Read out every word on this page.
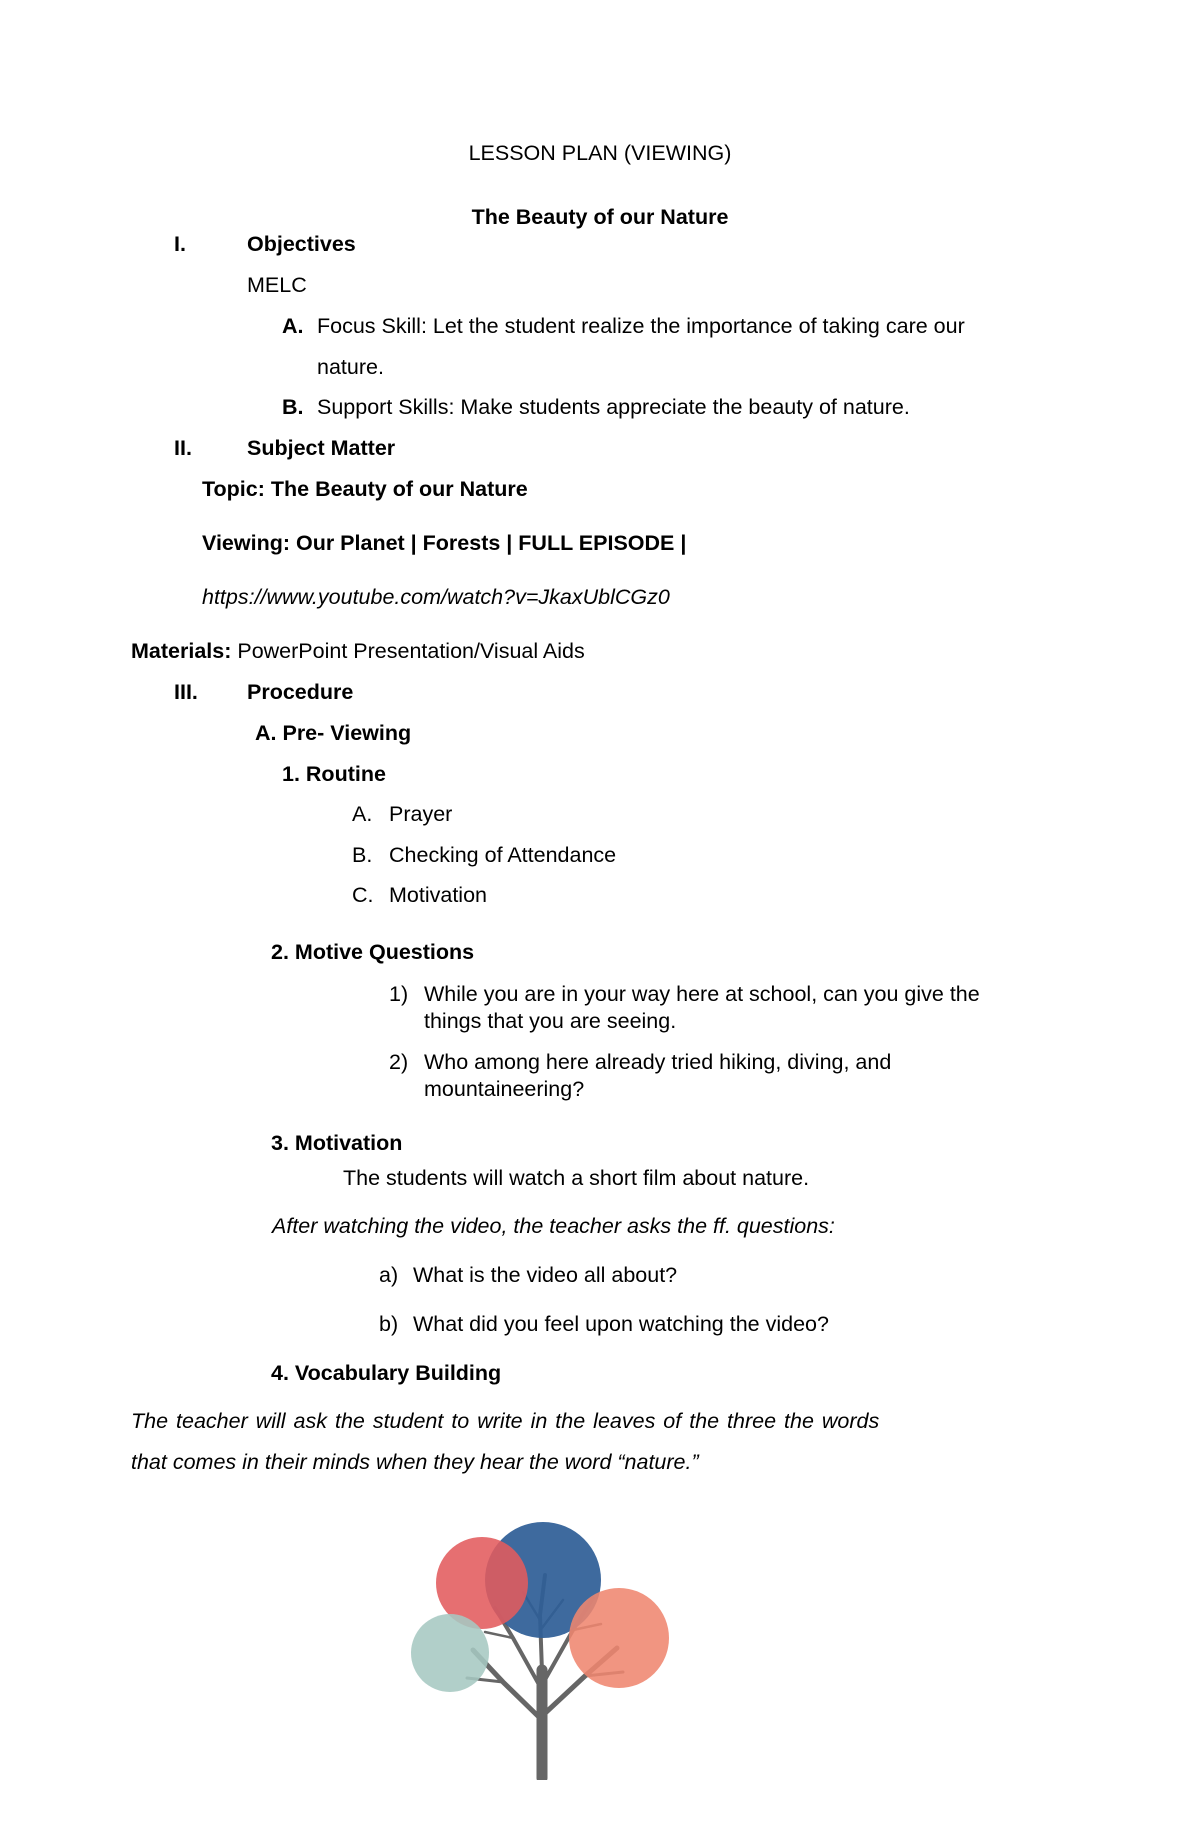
LESSON PLAN (VIEWING)
The Beauty of our Nature
I.	Objectives
MELC
A. Focus Skill: Let the student realize the importance of taking care our
nature.
B. Support Skills: Make students appreciate the beauty of nature.
II.	Subject Matter
Topic: The Beauty of our Nature
Viewing: Our Planet | Forests | FULL EPISODE |
https://www.youtube.com/watch?v=JkaxUblCGz0
Materials: PowerPoint Presentation/Visual Aids
III. Procedure
A. Pre- Viewing
1. Routine
A. Prayer
B. Checking of Attendance
C. Motivation
2. Motive Questions
1) While you are in your way here at school, can you give the
things that you are seeing.
2) Who among here already tried hiking, diving, and
mountaineering?
3. Motivation
The students will watch a short film about nature.
After watching the video, the teacher asks the ff. questions:
a) What is the video all about?
b) What did you feel upon watching the video?
4. Vocabulary Building
The teacher will ask the student to write in the leaves of the three the words
that comes in their minds when they hear the word “nature.”
